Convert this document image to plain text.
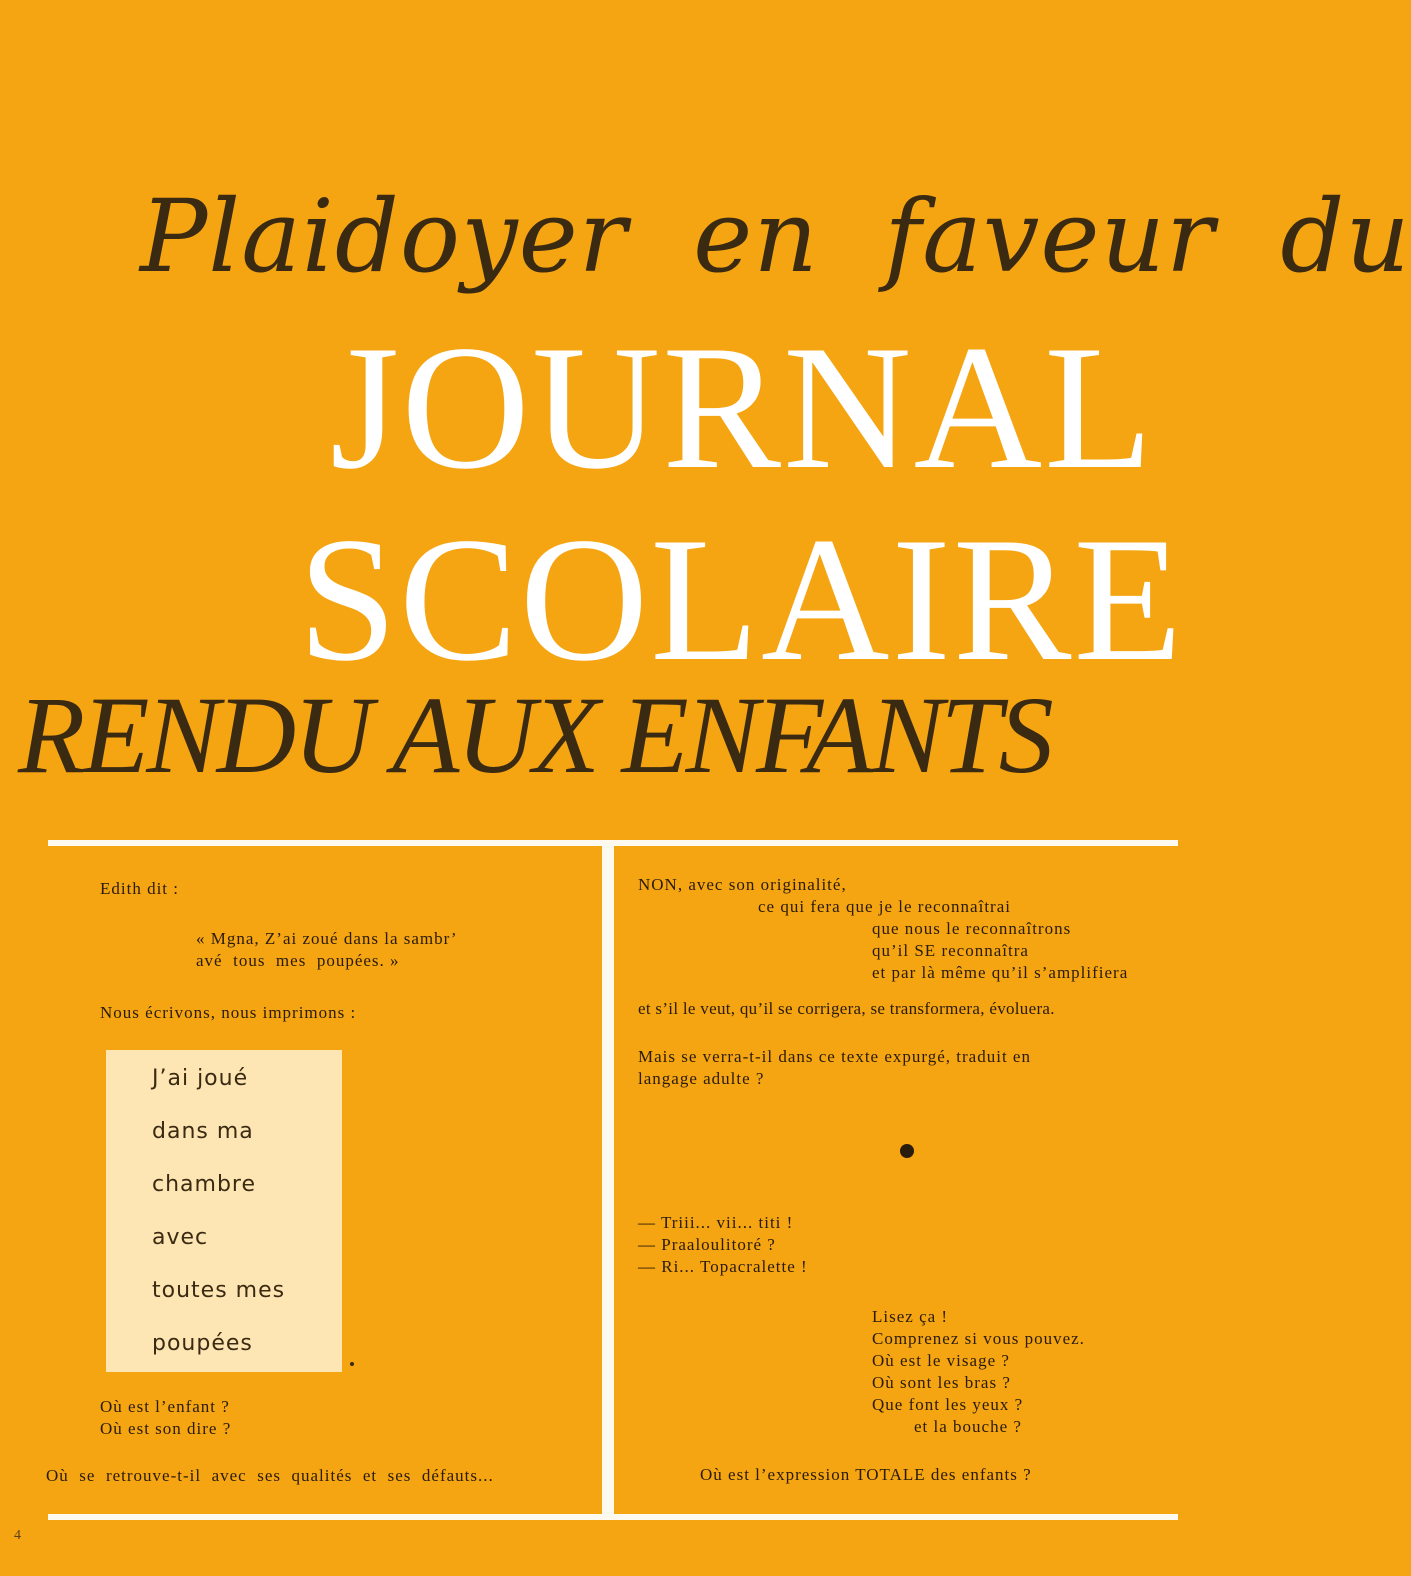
Plaidoyer  en  faveur  du
JOURNAL
SCOLAIRE
RENDU AUX ENFANTS
Edith dit :
« Mgna, Z’ai zoué dans la sambr’
avé  tous  mes  poupées. »
Nous écrivons, nous imprimons :
J’ai joué
dans ma
chambre
avec
toutes mes
poupées
Où est l’enfant ?
Où est son dire ?
Où  se  retrouve-t-il  avec  ses  qualités  et  ses  défauts...
NON, avec son originalité,
ce qui fera que je le reconnaîtrai
que nous le reconnaîtrons
qu’il SE reconnaîtra
et par là même qu’il s’amplifiera
et s’il le veut, qu’il se corrigera, se transformera, évoluera.
Mais se verra-t-il dans ce texte expurgé, traduit en
langage adulte ?
— Triii... vii... titi !
— Praaloulitoré ?
— Ri... Topacralette !
Lisez ça !
Comprenez si vous pouvez.
Où est le visage ?
Où sont les bras ?
Que font les yeux ?
et la bouche ?
Où est l’expression TOTALE des enfants ?
4
